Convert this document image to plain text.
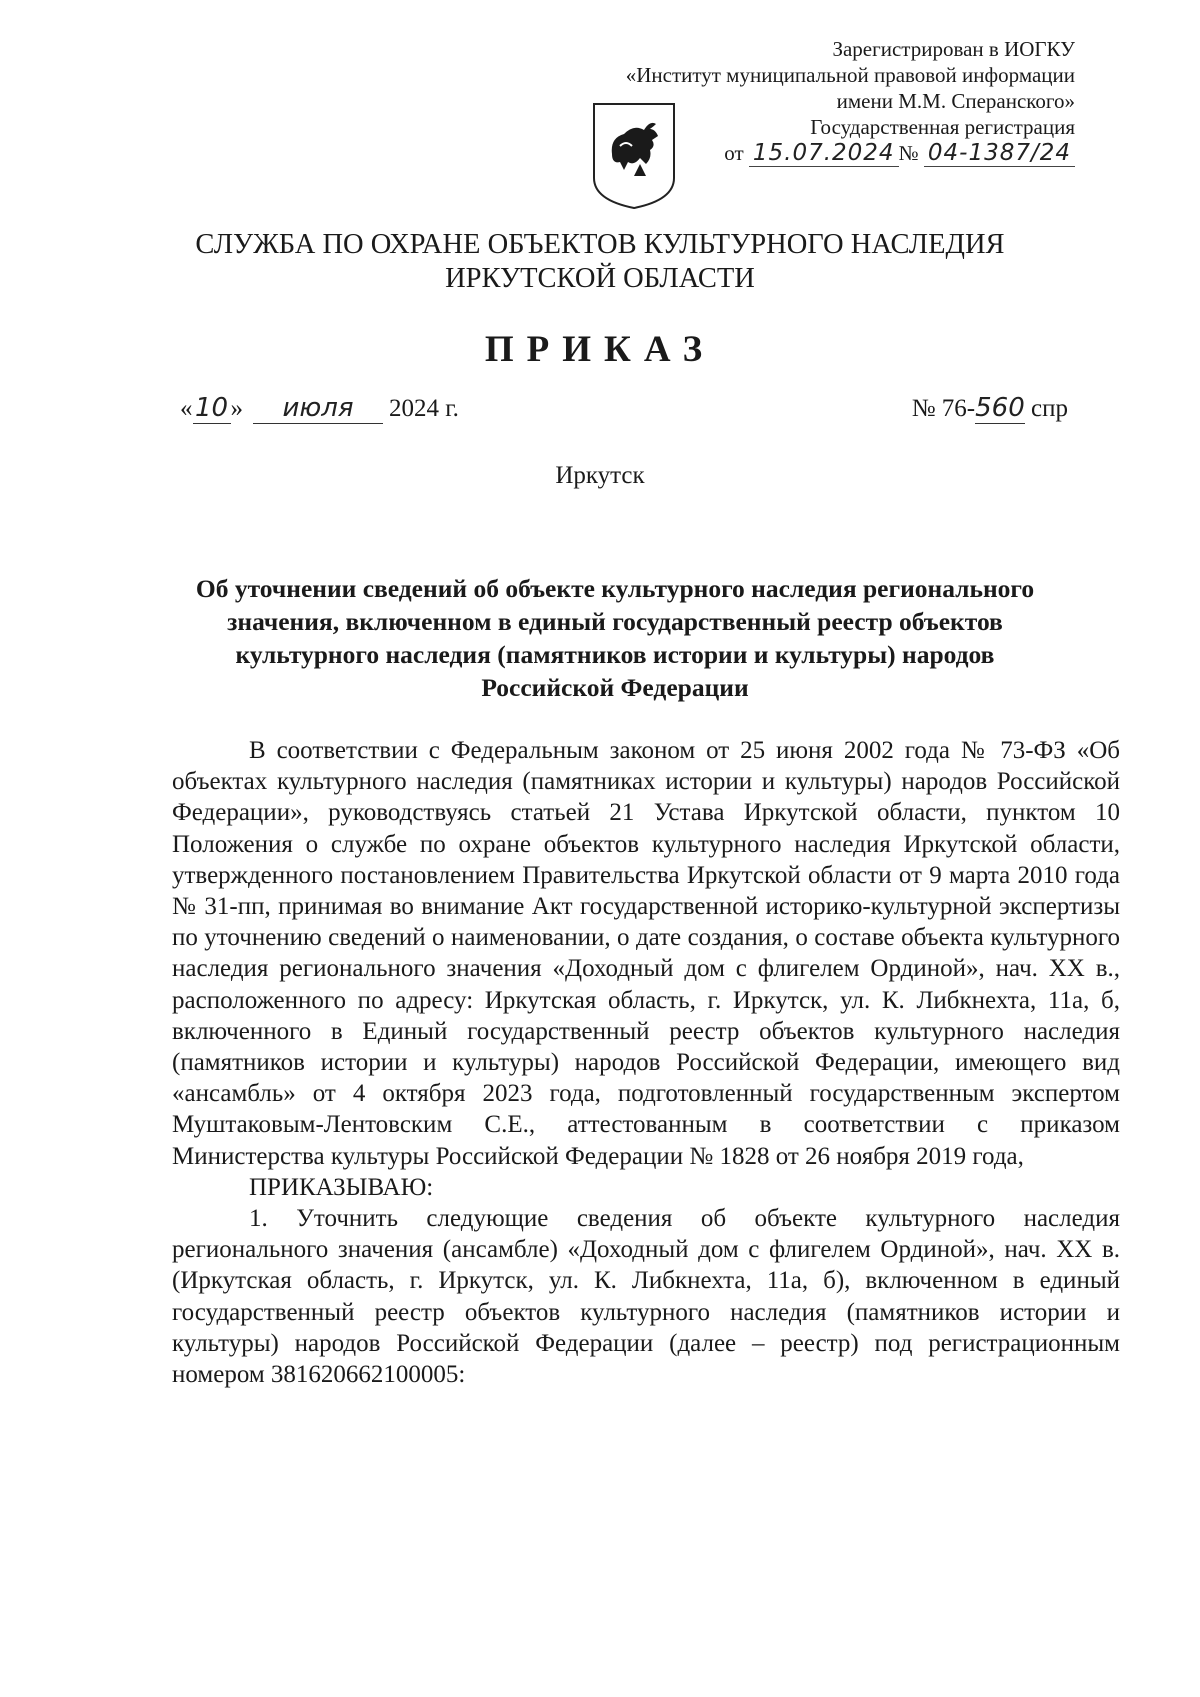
Зарегистрирован в ИОГКУ
«Институт муниципальной правовой информации
имени М.М. Сперанского»
Государственная регистрация
от 15.07.2024 № 04-1387/24
СЛУЖБА ПО ОХРАНЕ ОБЪЕКТОВ КУЛЬТУРНОГО НАСЛЕДИЯ
ИРКУТСКОЙ ОБЛАСТИ
ПРИКАЗ
«10» июля 2024 г.	№ 76-560 спр
Иркутск
Об уточнении сведений об объекте культурного наследия регионального значения, включенном в единый государственный реестр объектов культурного наследия (памятников истории и культуры) народов Российской Федерации

В соответствии с Федеральным законом от 25 июня 2002 года № 73-ФЗ «Об объектах культурного наследия (памятниках истории и культуры) народов Российской Федерации», руководствуясь статьей 21 Устава Иркутской области, пунктом 10 Положения о службе по охране объектов культурного наследия Иркутской области, утвержденного постановлением Правительства Иркутской области от 9 марта 2010 года № 31-пп, принимая во внимание Акт государственной историко-культурной экспертизы по уточнению сведений о наименовании, о дате создания, о составе объекта культурного наследия регионального значения «Доходный дом с флигелем Ординой», нач. XX в., расположенного по адресу: Иркутская область, г. Иркутск, ул. К. Либкнехта, 11а, б, включенного в Единый государственный реестр объектов культурного наследия (памятников истории и культуры) народов Российской Федерации, имеющего вид «ансамбль» от 4 октября 2023 года, подготовленный государственным экспертом Муштаковым-Лентовским С.Е., аттестованным в соответствии с приказом Министерства культуры Российской Федерации № 1828 от 26 ноября 2019 года,

ПРИКАЗЫВАЮ:

1. Уточнить следующие сведения об объекте культурного наследия регионального значения (ансамбле) «Доходный дом с флигелем Ординой», нач. XX в. (Иркутская область, г. Иркутск, ул. К. Либкнехта, 11а, б), включенном в единый государственный реестр объектов культурного наследия (памятников истории и культуры) народов Российской Федерации (далее – реестр) под регистрационным номером 381620662100005:
